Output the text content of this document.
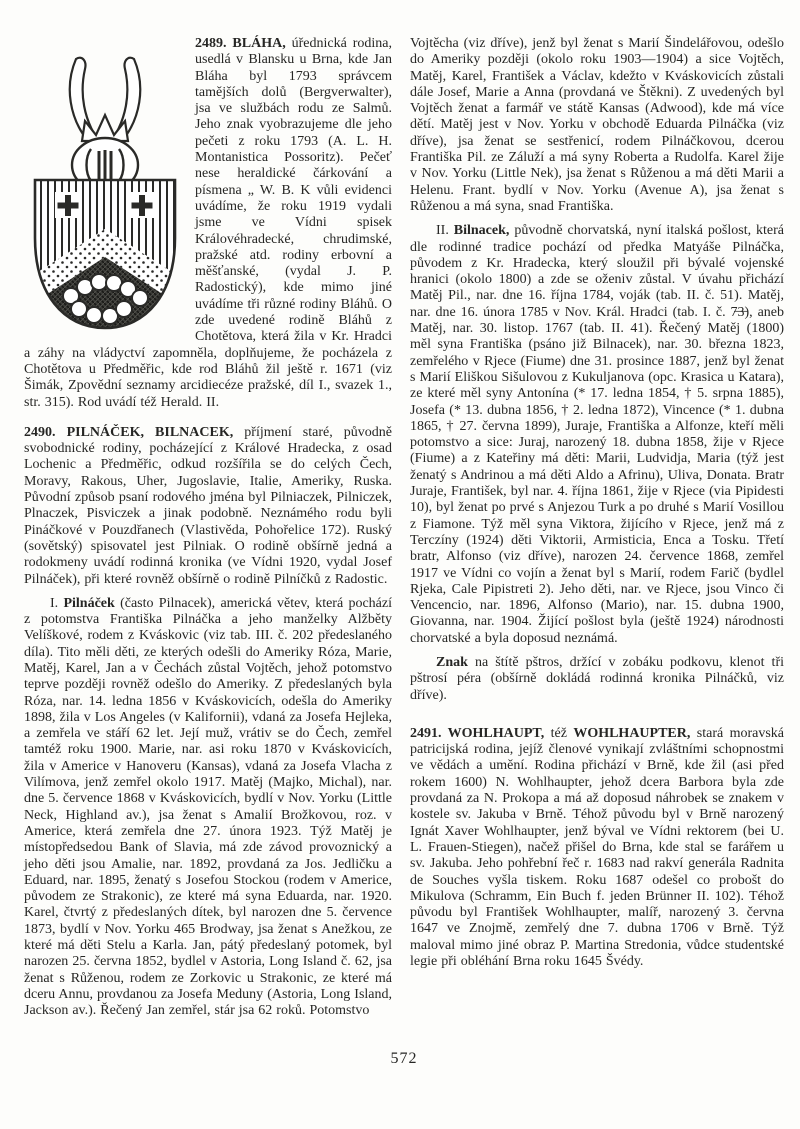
2489. BLÁHA,
úřednická rodina, usedlá v Blansku u Brna, kde Jan Bláha byl 1793 správcem tamějších dolů (Bergverwalter), jsa ve službách rodu ze Salmů. Jeho znak vyobrazujeme dle jeho pečeti z roku 1793 (A. L. H. Montanistica Possoritz). Pečeť nese heraldické čárkování a písmena „ W. B. K vůli evidenci uvádíme, že roku 1919 vydali jsme ve Vídni spisek Královéhradecké, chrudimské, pražské atd. rodiny erbovní a měšťanské, (vydal J. P. Radostický), kde mimo jiné uvádíme tři různé rodiny Bláhů. O zde uvedené rodině Bláhů z Chotětova, která žila v Kr. Hradci a záhy na vládyctví zapomněla, doplňujeme, že pocházela z Chotětova u Předměřic, kde rod Bláhů žil ještě r. 1671 (viz Šimák, Zpovědní seznamy arcidiecéze pražské, díl I., svazek 1., str. 315). Rod uvádí též Herald. II.

2490. PILNÁČEK, BILNACEK, příjmení staré, původně svobodnické rodiny, pocházející z Králové Hradecka, z osad Lochenic a Předměřic, odkud rozšířila se do celých Čech, Moravy, Rakous, Uher, Jugoslavie, Italie, Ameriky, Ruska. Původní způsob psaní rodového jména byl Pilniaczek, Pilniczek, Plnaczek, Pisviczek a jinak podobně. Neznámého rodu byli Pináčkové v Pouzdřanech (Vlastivěda, Pohořelice 172). Ruský (sovětský) spisovatel jest Pilniak. O rodině obšírně jedná a rodokmeny uvádí rodinná kronika (ve Vídni 1920, vydal Josef Pilnáček), při které rovněž obšírně o rodině Pilníčků z Radostic.

I. Pilnáček (často Pilnacek), americká větev, která pochází z potomstva Františka Pilnáčka a jeho manželky Alžběty Velíškové, rodem z Kváskovic (viz tab. III. č. 202 předeslaného díla). Tito měli děti, ze kterých odešli do Ameriky Róza, Marie, Matěj, Karel, Jan a v Čechách zůstal Vojtěch, jehož potomstvo teprve později rovněž odešlo do Ameriky. Z předeslaných byla Róza, nar. 14. ledna 1856 v Kváskovicích, odešla do Ameriky 1898, žila v Los Angeles (v Kalifornii), vdaná za Josefa Hejleka, a zemřela ve stáří 62 let. Její muž, vrátiv se do Čech, zemřel tamtéž roku 1900. Marie, nar. asi roku 1870 v Kváskovicích, žila v Americe v Hanoveru (Kansas), vdaná za Josefa Vlacha z Vilímova, jenž zemřel okolo 1917. Matěj (Majko, Michal), nar. dne 5. července 1868 v Kváskovicích, bydlí v Nov. Yorku (Little Neck, Highland av.), jsa ženat s Amalií Brožkovou, roz. v Americe, která zemřela dne 27. února 1923. Týž Matěj je místopředsedou Bank of Slavia, má zde závod provoznický a jeho děti jsou Amalie, nar. 1892, provdaná za Jos. Jedličku a Eduard, nar. 1895, ženatý s Josefou Stockou (rodem v Americe, původem ze Strakonic), ze které má syna Eduarda, nar. 1920. Karel, čtvrtý z předeslaných dítek, byl narozen dne 5. července 1873, bydlí v Nov. Yorku 465 Brodway, jsa ženat s Anežkou, ze které má děti Stelu a Karla. Jan, pátý předeslaný potomek, byl narozen 25. června 1852, bydlel v Astoria, Long Island č. 62, jsa ženat s Růženou, rodem ze Zorkovic u Strakonic, ze které má dceru Annu, provdanou za Josefa Meduny (Astoria, Long Island, Jackson av.). Řečený Jan zemřel, stár jsa 62 roků. Potomstvo

Vojtěcha (viz dříve), jenž byl ženat s Marií Šindelářovou, odešlo do Ameriky později (okolo roku 1903—1904) a sice Vojtěch, Matěj, Karel, František a Václav, kdežto v Kváskovicích zůstali dále Josef, Marie a Anna (provdaná ve Štěkni). Z uvedených byl Vojtěch ženat a farmář ve státě Kansas (Adwood), kde má více dětí. Matěj jest v Nov. Yorku v obchodě Eduarda Pilnáčka (viz dříve), jsa ženat se sestřenicí, rodem Pilnáčkovou, dcerou Františka Pil. ze Záluží a má syny Roberta a Rudolfa. Karel žije v Nov. Yorku (Little Nek), jsa ženat s Růženou a má děti Marii a Helenu. Frant. bydlí v Nov. Yorku (Avenue A), jsa ženat s Růženou a má syna, snad Františka.

II. Bilnacek, původně chorvatská, nyní italská pošlost, která dle rodinné tradice pochází od předka Matyáše Pilnáčka, původem z Kr. Hradecka, který sloužil při bývalé vojenské hranici (okolo 1800) a zde se oženiv zůstal. V úvahu přichází Matěj Pil., nar. dne 16. října 1784, voják (tab. II. č. 51). Matěj, nar. dne 16. února 1785 v Nov. Král. Hradci (tab. I. č. 7̶3̶), aneb Matěj, nar. 30. listop. 1767 (tab. II. 41). Řečený Matěj (1800) měl syna Františka (psáno již Bilnacek), nar. 30. března 1823, zemřelého v Rjece (Fiume) dne 31. prosince 1887, jenž byl ženat s Marií Eliškou Sišulovou z Kukuljanova (opc. Krasica u Katara), ze které měl syny Antonína (* 17. ledna 1854, † 5. srpna 1885), Josefa (* 13. dubna 1856, † 2. ledna 1872), Vincence (* 1. dubna 1865, † 27. června 1899), Juraje, Františka a Alfonze, kteří měli potomstvo a sice: Juraj, narozený 18. dubna 1858, žije v Rjece (Fiume) a z Kateřiny má děti: Marii, Ludvidja, Maria (týž jest ženatý s Andrinou a má děti Aldo a Afrinu), Uliva, Donata. Bratr Juraje, František, byl nar. 4. října 1861, žije v Rjece (via Pipidesti 10), byl ženat po prvé s Anjezou Turk a po druhé s Marií Vosillou z Fiamone. Týž měl syna Viktora, žijícího v Rjece, jenž má z Terczíny (1924) děti Viktorii, Armisticia, Enca a Tosku. Třetí bratr, Alfonso (viz dříve), narozen 24. července 1868, zemřel 1917 ve Vídni co vojín a ženat byl s Marií, rodem Farič (bydlel Rjeka, Cale Pipistreti 2). Jeho děti, nar. ve Rjece, jsou Vinco či Vencencio, nar. 1896, Alfonso (Mario), nar. 15. dubna 1900, Giovanna, nar. 1904. Žijící pošlost byla (ještě 1924) národnosti chorvatské a byla doposud neznámá.

Znak na štítě pštros, držící v zobáku podkovu, klenot tři pštrosí péra (obšírně dokládá rodinná kronika Pilnáčků, viz dříve).

2491. WOHLHAUPT, též WOHLHAUPTER, stará moravská patricijská rodina, jejíž členové vynikají zvláštními schopnostmi ve vědách a umění. Rodina přichází v Brně, kde žil (asi před rokem 1600) N. Wohlhaupter, jehož dcera Barbora byla zde provdaná za N. Prokopa a má až doposud náhrobek se znakem v kostele sv. Jakuba v Brně. Téhož původu byl v Brně narozený Ignát Xaver Wohlhaupter, jenž býval ve Vídni rektorem (bei U. L. Frauen-Stiegen), načež přišel do Brna, kde stal se farářem u sv. Jakuba. Jeho pohřební řeč r. 1683 nad rakví generála Radnita de Souches vyšla tiskem. Roku 1687 odešel co probošt do Mikulova (Schramm, Ein Buch f. jeden Brünner II. 102). Téhož původu byl František Wohlhaupter, malíř, narozený 3. června 1647 ve Znojmě, zemřelý dne 7. dubna 1706 v Brně. Týž maloval mimo jiné obraz P. Martina Stredonia, vůdce studentské legie při obléhání Brna roku 1645 Švédy.

572
